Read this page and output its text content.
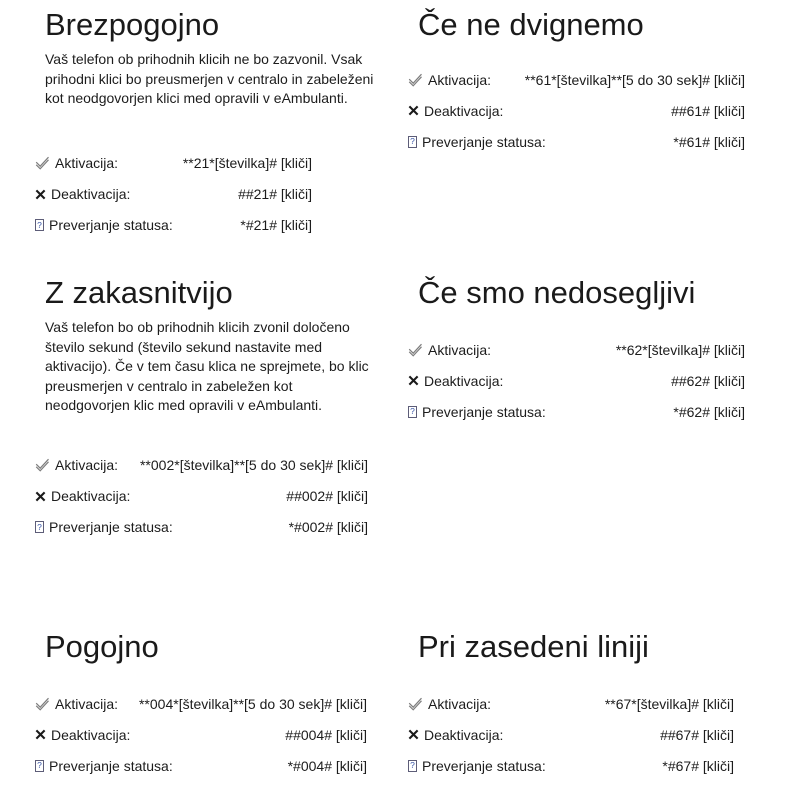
Brezpogojno

Vaš telefon ob prihodnih klicih ne bo zazvonil. Vsak prihodni klici bo preusmerjen v centralo in zabeleženi kot neodgovorjen klici med opravili v eAmbulanti.

Aktivacija:	**21*[številka]# [kliči]
Deaktivacija:	##21# [kliči]
? Preverjanje statusa:	*#21# [kliči]
Če ne dvignemo
Aktivacija: **61*[številka]**[5 do 30 sek]# [kliči]
Deaktivacija:	##61# [kliči]
? Preverjanje statusa:	*#61# [kliči]
Z zakasnitvijo

Vaš telefon bo ob prihodnih klicih zvonil določeno število sekund (število sekund nastavite med aktivacijo). Če v tem času klica ne sprejmete, bo klic preusmerjen v centralo in zabeležen kot neodgovorjen klic med opravili v eAmbulanti.

Aktivacija: **002*[številka]**[5 do 30 sek]# [kliči]
Deaktivacija:	##002# [kliči]
? Preverjanje statusa:	*#002# [kliči]
Če smo nedosegljivi
Aktivacija:	**62*[številka]# [kliči]
Deaktivacija:	##62# [kliči]
? Preverjanje statusa:	*#62# [kliči]
Pogojno
Aktivacija: **004*[številka]**[5 do 30 sek]# [kliči]
Deaktivacija:	##004# [kliči]
? Preverjanje statusa:	*#004# [kliči]
Pri zasedeni liniji
Aktivacija:	**67*[številka]# [kliči]
Deaktivacija:	##67# [kliči]
? Preverjanje statusa:	*#67# [kliči]
